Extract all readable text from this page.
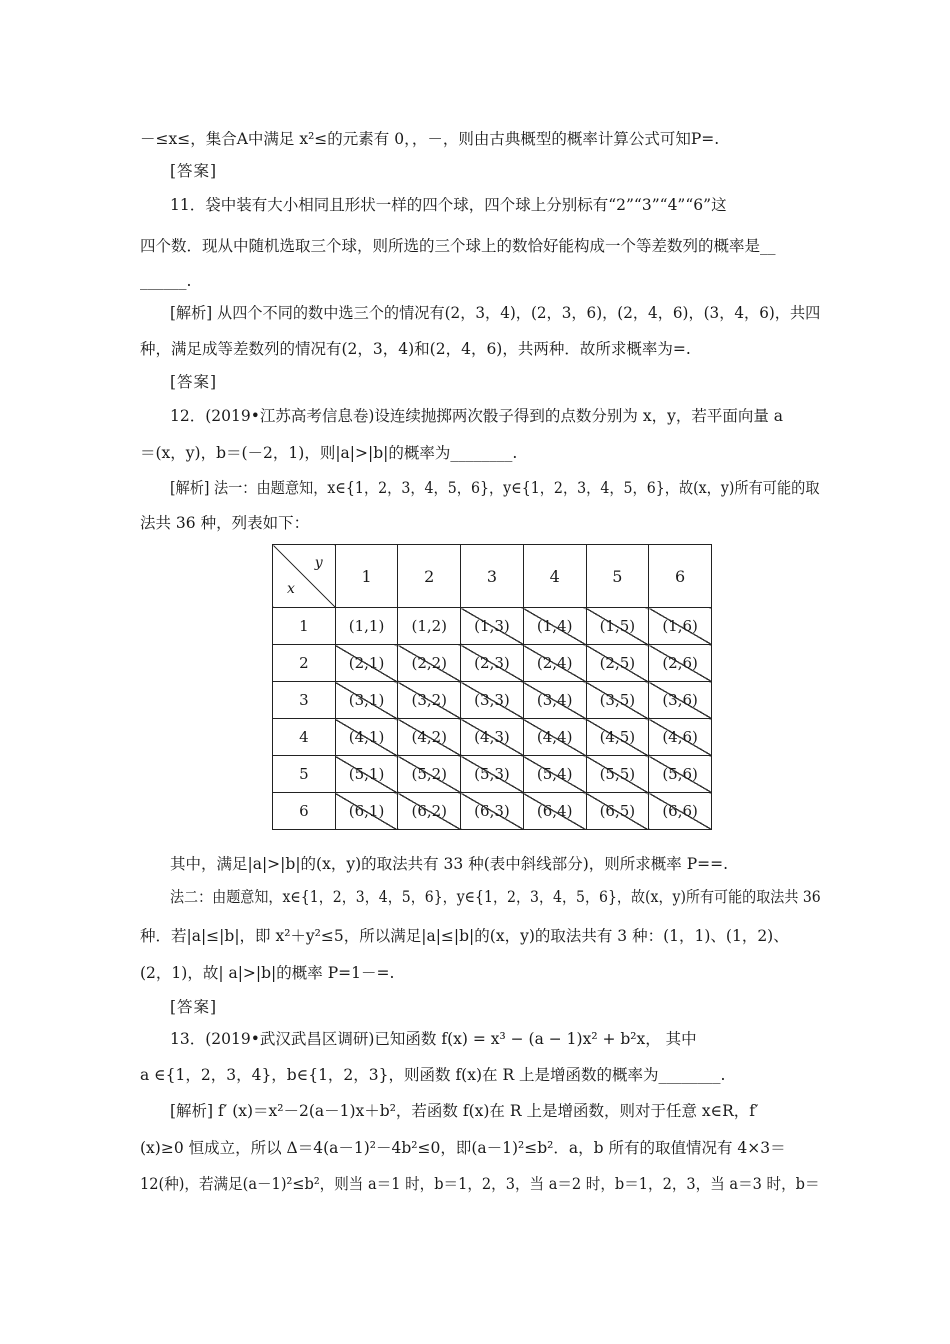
－≤x≤，集合A中满足 x²≤的元素有 0，，－，则由古典概型的概率计算公式可知P=.
[答案]
11．袋中装有大小相同且形状一样的四个球，四个球上分别标有“2”“3”“4”“6”这
四个数．现从中随机选取三个球，则所选的三个球上的数恰好能构成一个等差数列的概率是__
______.
[解析] 从四个不同的数中选三个的情况有(2，3，4)，(2，3，6)，(2，4，6)，(3，4，6)，共四
种，满足成等差数列的情况有(2，3，4)和(2，4，6)，共两种．故所求概率为=.
[答案]
12．(2019•江苏高考信息卷)设连续抛掷两次骰子得到的点数分别为 x，y，若平面向量 a
＝(x，y)，b＝(－2，1)，则|a|>|b|的概率为________.
[解析] 法一：由题意知，x∈{1，2，3，4，5，6}，y∈{1，2，3，4，5，6}，故(x，y)所有可能的取
法共 36 种，列表如下：
y
x	1	2	3	4	5	6
1	(1,1)	(1,2)	(1,3)	(1,4)	(1,5)	(1,6)
2	(2,1)	(2,2)	(2,3)	(2,4)	(2,5)	(2,6)
3	(3,1)	(3,2)	(3,3)	(3,4)	(3,5)	(3,6)
4	(4,1)	(4,2)	(4,3)	(4,4)	(4,5)	(4,6)
5	(5,1)	(5,2)	(5,3)	(5,4)	(5,5)	(5,6)
6	(6,1)	(6,2)	(6,3)	(6,4)	(6,5)	(6,6)
其中，满足|a|>|b|的(x，y)的取法共有 33 种(表中斜线部分)，则所求概率 P==.
法二：由题意知，x∈{1，2，3，4，5，6}，y∈{1，2，3，4，5，6}，故(x，y)所有可能的取法共 36
种．若|a|≤|b|，即 x²＋y²≤5，所以满足|a|≤|b|的(x，y)的取法共有 3 种：(1，1)、(1，2)、
(2，1)，故| a|>|b|的概率 P=1－=.
[答案]
13．(2019•武汉武昌区调研)已知函数 f(x) = x³ − (a − 1)x² + b²x， 其中
a ∈{1，2，3，4}，b∈{1，2，3}，则函数 f(x)在 R 上是增函数的概率为________.
[解析] f′ (x)＝x²－2(a－1)x＋b²，若函数 f(x)在 R 上是增函数，则对于任意 x∈R，f′
(x)≥0 恒成立，所以 Δ＝4(a－1)²－4b²≤0，即(a－1)²≤b²．a，b 所有的取值情况有 4×3＝
12(种)，若满足(a－1)²≤b²，则当 a＝1 时，b＝1，2，3，当 a＝2 时，b＝1，2，3，当 a＝3 时，b＝
